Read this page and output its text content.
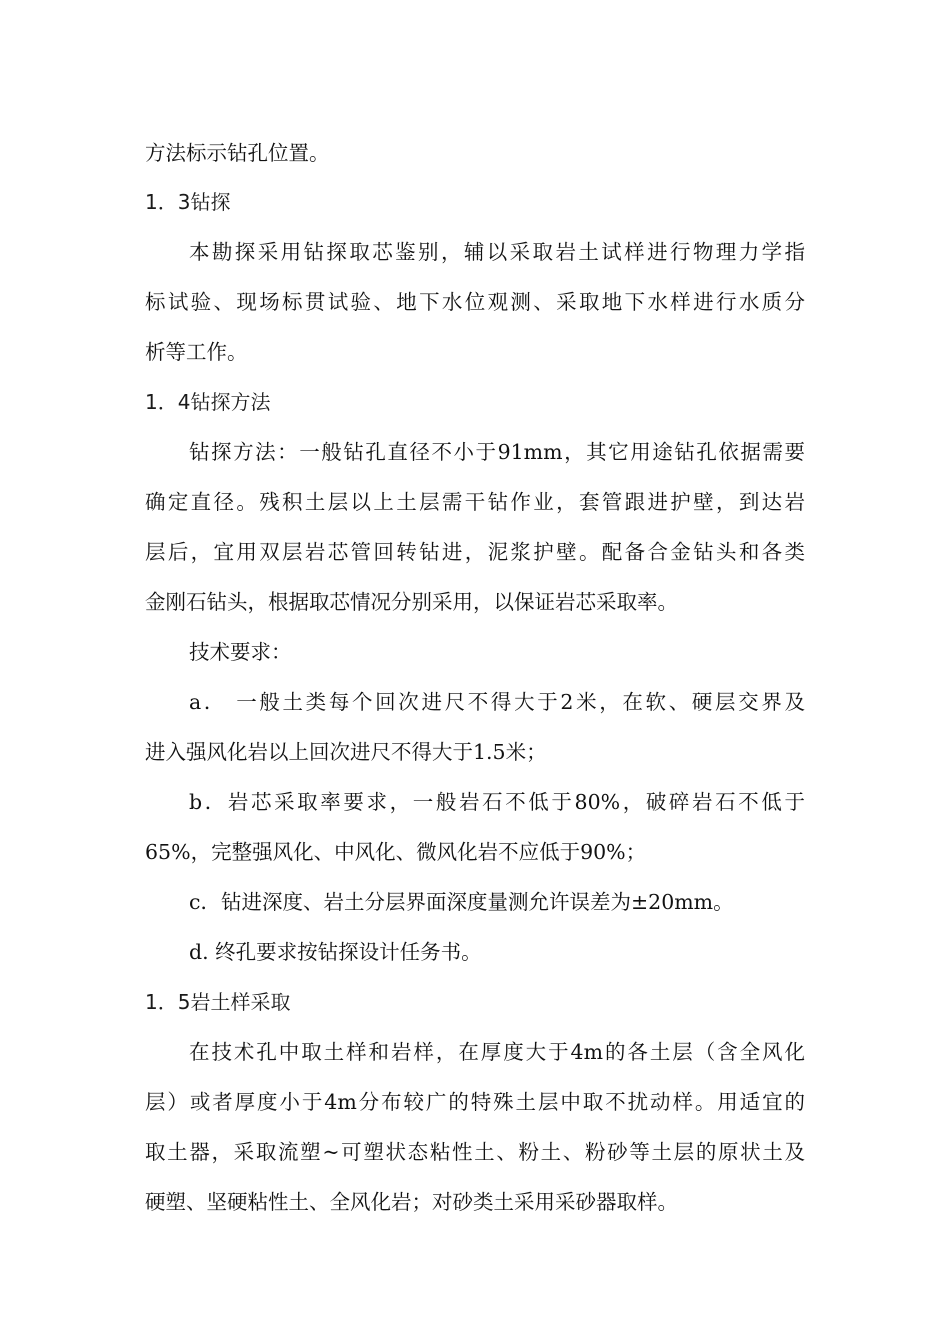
方法标示钻孔位置。

1．3钻探

本勘探采用钻探取芯鉴别，辅以采取岩土试样进行物理力学指

标试验、现场标贯试验、地下水位观测、采取地下水样进行水质分

析等工作。

1．4钻探方法

钻探方法：一般钻孔直径不小于91mm，其它用途钻孔依据需要

确定直径。残积土层以上土层需干钻作业，套管跟进护壁，到达岩

层后，宜用双层岩芯管回转钻进，泥浆护壁。配备合金钻头和各类

金刚石钻头，根据取芯情况分别采用，以保证岩芯采取率。

技术要求：

a． 一般土类每个回次进尺不得大于2米，在软、硬层交界及

进入强风化岩以上回次进尺不得大于1.5米；

b．岩芯采取率要求，一般岩石不低于80%，破碎岩石不低于

65%，完整强风化、中风化、微风化岩不应低于90%；

c．钻进深度、岩土分层界面深度量测允许误差为±20mm。

d. 终孔要求按钻探设计任务书。

1．5岩土样采取

在技术孔中取土样和岩样，在厚度大于4m的各土层（含全风化

层）或者厚度小于4m分布较广的特殊土层中取不扰动样。用适宜的

取土器，采取流塑~可塑状态粘性土、粉土、粉砂等土层的原状土及

硬塑、坚硬粘性土、全风化岩；对砂类土采用采砂器取样。
